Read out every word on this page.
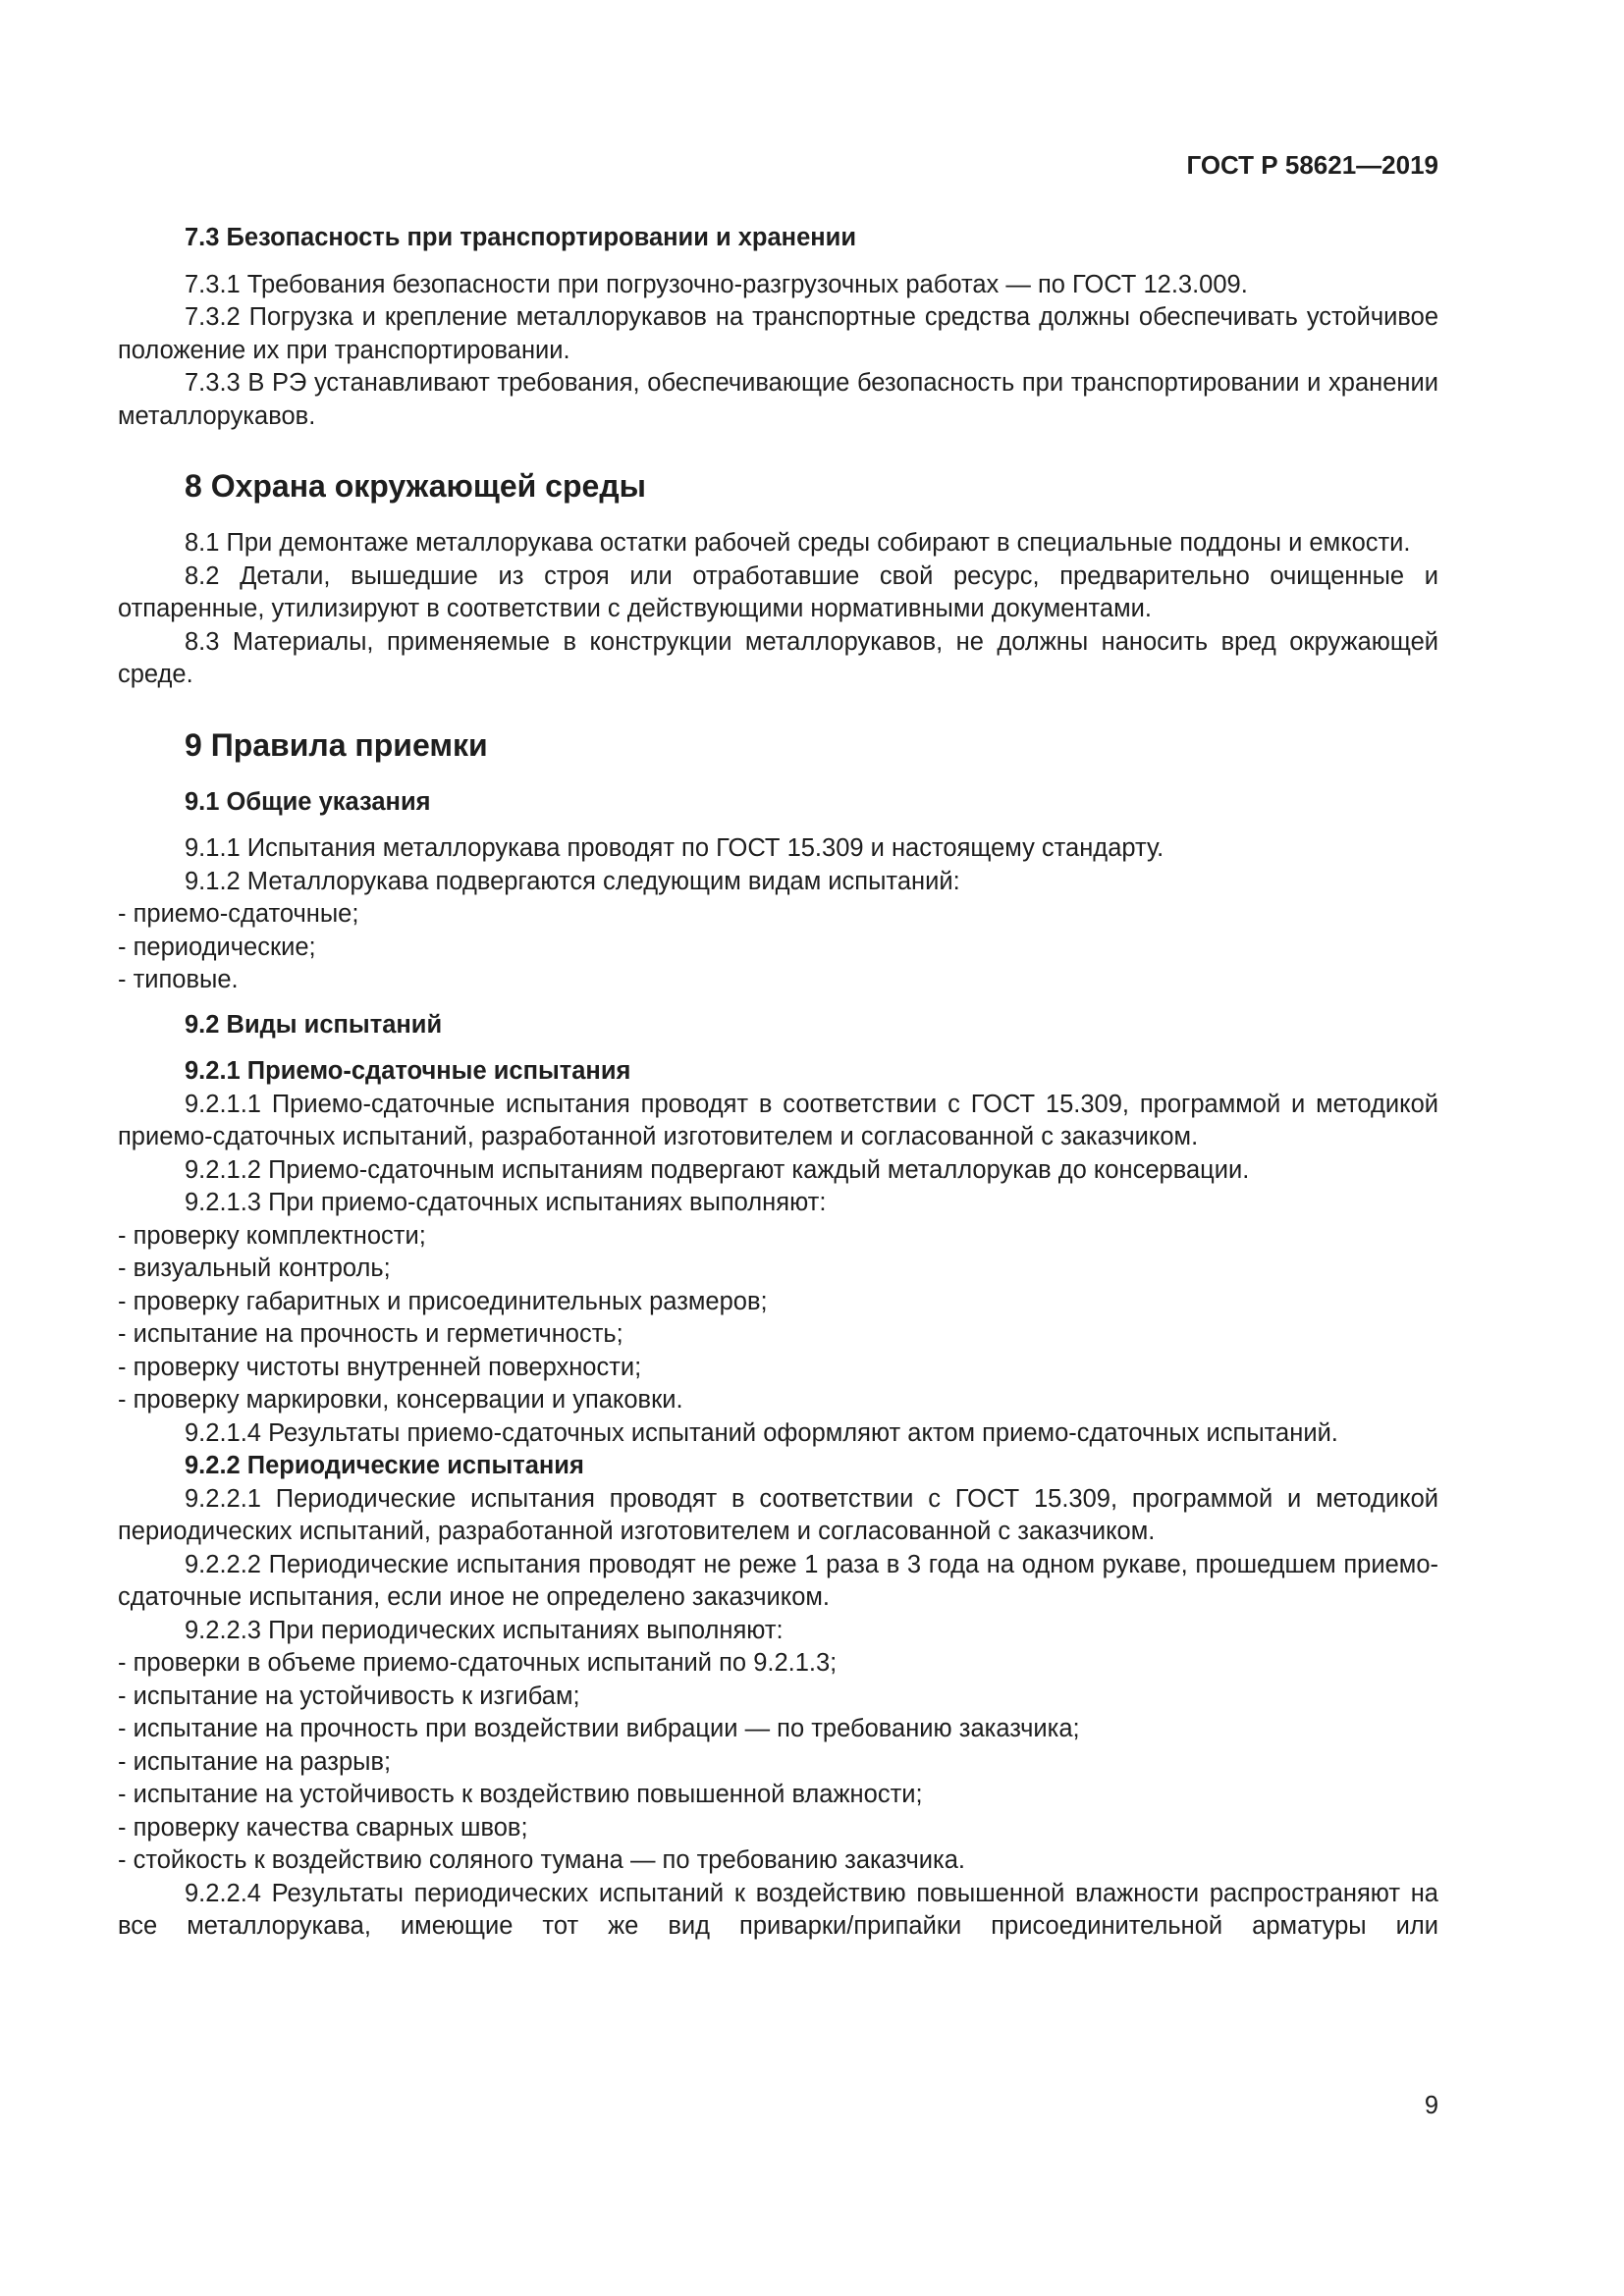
ГОСТ Р 58621—2019

7.3 Безопасность при транспортировании и хранении

7.3.1 Требования безопасности при погрузочно-разгрузочных работах — по ГОСТ 12.3.009.

7.3.2 Погрузка и крепление металлорукавов на транспортные средства должны обеспечивать устойчивое положение их при транспортировании.

7.3.3 В РЭ устанавливают требования, обеспечивающие безопасность при транспортировании и хранении металлорукавов.

8 Охрана окружающей среды

8.1 При демонтаже металлорукава остатки рабочей среды собирают в специальные поддоны и емкости.

8.2 Детали, вышедшие из строя или отработавшие свой ресурс, предварительно очищенные и отпаренные, утилизируют в соответствии с действующими нормативными документами.

8.3 Материалы, применяемые в конструкции металлорукавов, не должны наносить вред окружающей среде.

9 Правила приемки

9.1 Общие указания

9.1.1 Испытания металлорукава проводят по ГОСТ 15.309 и настоящему стандарту.

9.1.2 Металлорукава подвергаются следующим видам испытаний:

- приемо-сдаточные;

- периодические;

- типовые.

9.2 Виды испытаний

9.2.1 Приемо-сдаточные испытания

9.2.1.1 Приемо-сдаточные испытания проводят в соответствии с ГОСТ 15.309, программой и методикой приемо-сдаточных испытаний, разработанной изготовителем и согласованной с заказчиком.

9.2.1.2 Приемо-сдаточным испытаниям подвергают каждый металлорукав до консервации.

9.2.1.3 При приемо-сдаточных испытаниях выполняют:

- проверку комплектности;

- визуальный контроль;

- проверку габаритных и присоединительных размеров;

- испытание на прочность и герметичность;

- проверку чистоты внутренней поверхности;

- проверку маркировки, консервации и упаковки.

9.2.1.4 Результаты приемо-сдаточных испытаний оформляют актом приемо-сдаточных испытаний.

9.2.2 Периодические испытания

9.2.2.1 Периодические испытания проводят в соответствии с ГОСТ 15.309, программой и методикой периодических испытаний, разработанной изготовителем и согласованной с заказчиком.

9.2.2.2 Периодические испытания проводят не реже 1 раза в 3 года на одном рукаве, прошедшем приемо-сдаточные испытания, если иное не определено заказчиком.

9.2.2.3 При периодических испытаниях выполняют:

- проверки в объеме приемо-сдаточных испытаний по 9.2.1.3;

- испытание на устойчивость к изгибам;

- испытание на прочность при воздействии вибрации — по требованию заказчика;

- испытание на разрыв;

- испытание на устойчивость к воздействию повышенной влажности;

- проверку качества сварных швов;

- стойкость к воздействию соляного тумана — по требованию заказчика.

9.2.2.4 Результаты периодических испытаний к воздействию повышенной влажности распространяют на все металлорукава, имеющие тот же вид приварки/припайки присоединительной арматуры или

9
